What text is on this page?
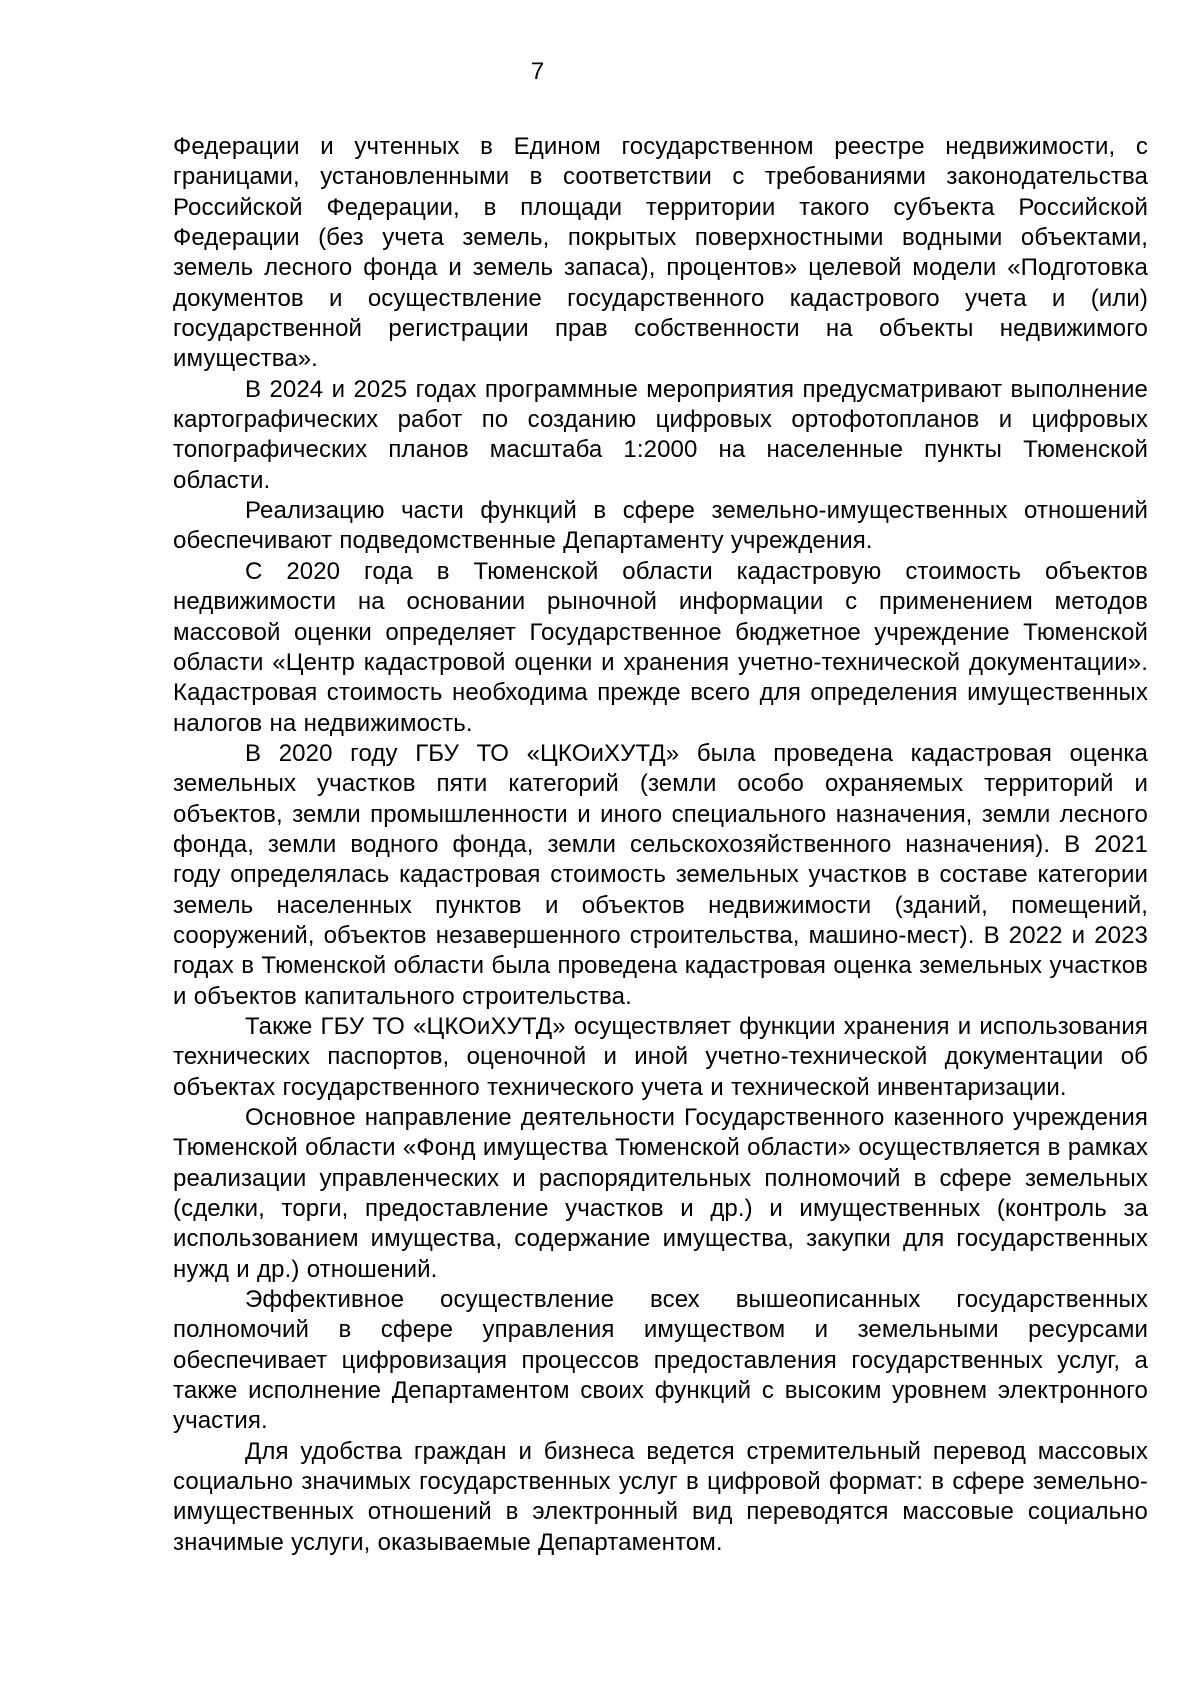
7

Федерации и учтенных в Едином государственном реестре недвижимости, с границами, установленными в соответствии с требованиями законодательства Российской Федерации, в площади территории такого субъекта Российской Федерации (без учета земель, покрытых поверхностными водными объектами, земель лесного фонда и земель запаса), процентов» целевой модели «Подготовка документов и осуществление государственного кадастрового учета и (или) государственной регистрации прав собственности на объекты недвижимого имущества».

В 2024 и 2025 годах программные мероприятия предусматривают выполнение картографических работ по созданию цифровых ортофотопланов и цифровых топографических планов масштаба 1:2000 на населенные пункты Тюменской области.

Реализацию части функций в сфере земельно-имущественных отношений обеспечивают подведомственные Департаменту учреждения.

С 2020 года в Тюменской области кадастровую стоимость объектов недвижимости на основании рыночной информации с применением методов массовой оценки определяет Государственное бюджетное учреждение Тюменской области «Центр кадастровой оценки и хранения учетно-технической документации». Кадастровая стоимость необходима прежде всего для определения имущественных налогов на недвижимость.

В 2020 году ГБУ ТО «ЦКОиХУТД» была проведена кадастровая оценка земельных участков пяти категорий (земли особо охраняемых территорий и объектов, земли промышленности и иного специального назначения, земли лесного фонда, земли водного фонда, земли сельскохозяйственного назначения). В 2021 году определялась кадастровая стоимость земельных участков в составе категории земель населенных пунктов и объектов недвижимости (зданий, помещений, сооружений, объектов незавершенного строительства, машино-мест). В 2022 и 2023 годах в Тюменской области была проведена кадастровая оценка земельных участков и объектов капитального строительства.

Также ГБУ ТО «ЦКОиХУТД» осуществляет функции хранения и использования технических паспортов, оценочной и иной учетно-технической документации об объектах государственного технического учета и технической инвентаризации.

Основное направление деятельности Государственного казенного учреждения Тюменской области «Фонд имущества Тюменской области» осуществляется в рамках реализации управленческих и распорядительных полномочий в сфере земельных (сделки, торги, предоставление участков и др.) и имущественных (контроль за использованием имущества, содержание имущества, закупки для государственных нужд и др.) отношений.

Эффективное осуществление всех вышеописанных государственных полномочий в сфере управления имуществом и земельными ресурсами обеспечивает цифровизация процессов предоставления государственных услуг, а также исполнение Департаментом своих функций с высоким уровнем электронного участия.

Для удобства граждан и бизнеса ведется стремительный перевод массовых социально значимых государственных услуг в цифровой формат: в сфере земельно-имущественных отношений в электронный вид переводятся массовые социально значимые услуги, оказываемые Департаментом.
